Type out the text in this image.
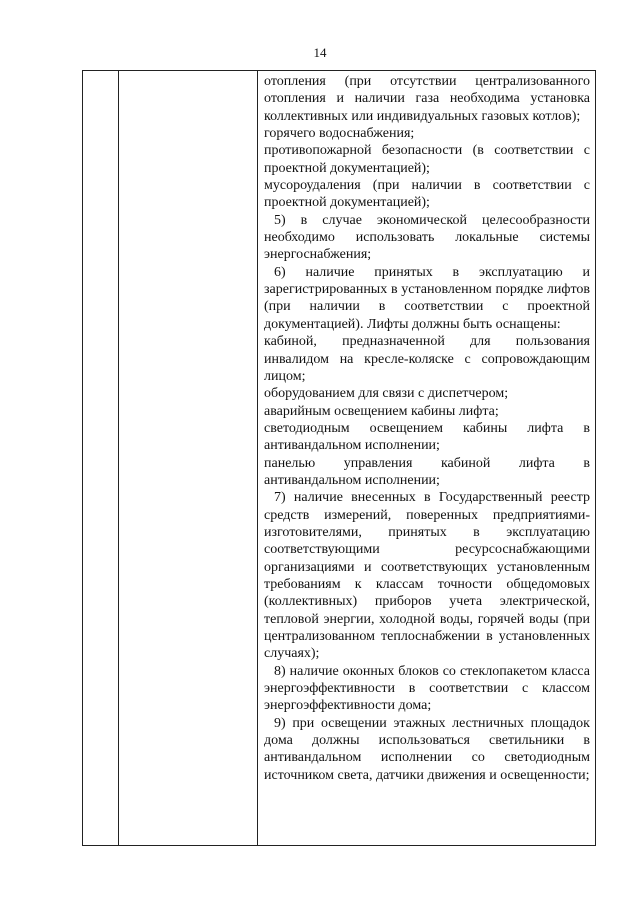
14

отопления (при отсутствии централизованного отопления и наличии газа необходима установка коллективных или индивидуальных газовых котлов);

горячего водоснабжения;

противопожарной безопасности (в соответствии с проектной документацией);

мусороудаления (при наличии в соответствии с проектной документацией);

5) в случае экономической целесообразности необходимо использовать локальные системы энергоснабжения;

6) наличие принятых в эксплуатацию и зарегистрированных в установленном порядке лифтов (при наличии в соответствии с проектной документацией). Лифты должны быть оснащены:

кабиной, предназначенной для пользования инвалидом на кресле-коляске с сопровождающим лицом;

оборудованием для связи с диспетчером;

аварийным освещением кабины лифта;

светодиодным освещением кабины лифта в антивандальном исполнении;

панелью управления кабиной лифта в антивандальном исполнении;

7) наличие внесенных в Государственный реестр средств измерений, поверенных предприятиями-изготовителями, принятых в эксплуатацию соответствующими ресурсоснабжающими организациями и соответствующих установленным требованиям к классам точности общедомовых (коллективных) приборов учета электрической, тепловой энергии, холодной воды, горячей воды (при централизованном теплоснабжении в установленных случаях);

8) наличие оконных блоков со стеклопакетом класса энергоэффективности в соответствии с классом энергоэффективности дома;

9) при освещении этажных лестничных площадок дома должны использоваться светильники в антивандальном исполнении со светодиодным источником света, датчики движения и освещенности;
